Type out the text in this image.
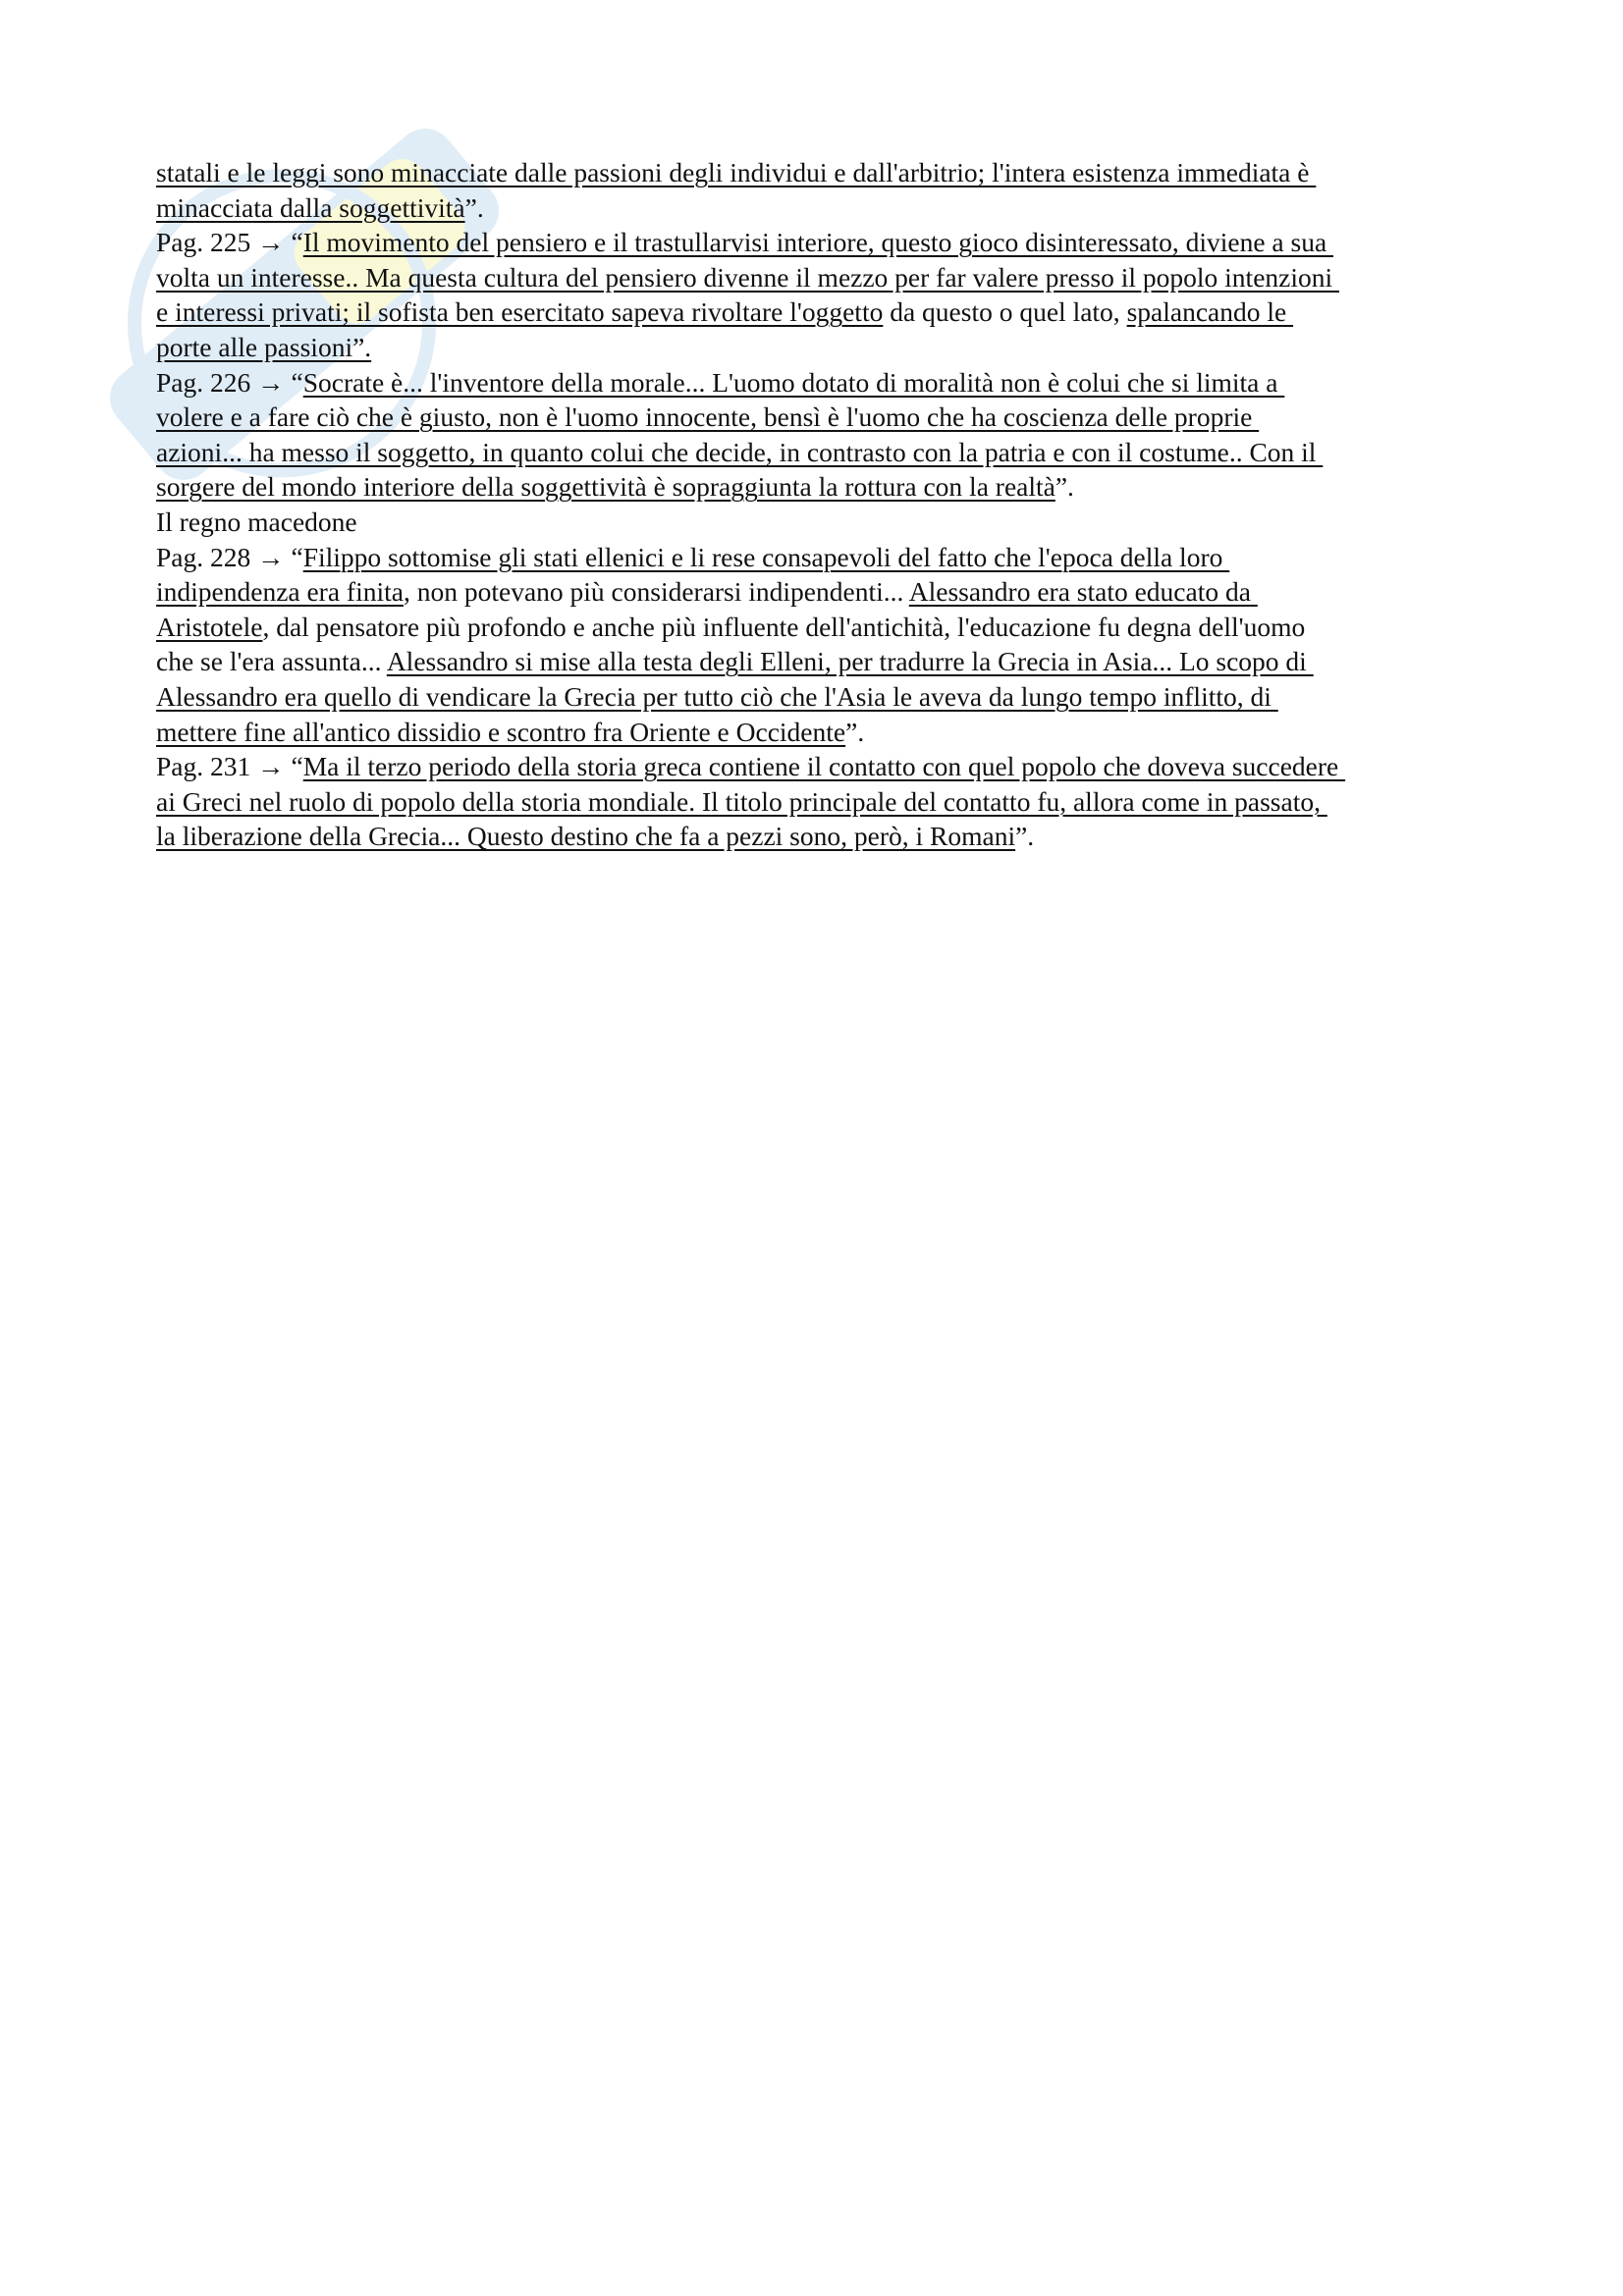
statali e le leggi sono minacciate dalle passioni degli individui e dall'arbitrio; l'intera esistenza immediata è
minacciata dalla soggettività”.
Pag. 225 → “Il movimento del pensiero e il trastullarvisi interiore, questo gioco disinteressato, diviene a sua
volta un interesse.. Ma questa cultura del pensiero divenne il mezzo per far valere presso il popolo intenzioni
e interessi privati; il sofista ben esercitato sapeva rivoltare l'oggetto da questo o quel lato, spalancando le
porte alle passioni”.
Pag. 226 → “Socrate è... l'inventore della morale... L'uomo dotato di moralità non è colui che si limita a
volere e a fare ciò che è giusto, non è l'uomo innocente, bensì è l'uomo che ha coscienza delle proprie
azioni... ha messo il soggetto, in quanto colui che decide, in contrasto con la patria e con il costume.. Con il
sorgere del mondo interiore della soggettività è sopraggiunta la rottura con la realtà”.
Il regno macedone
Pag. 228 → “Filippo sottomise gli stati ellenici e li rese consapevoli del fatto che l'epoca della loro
indipendenza era finita, non potevano più considerarsi indipendenti... Alessandro era stato educato da
Aristotele, dal pensatore più profondo e anche più influente dell'antichità, l'educazione fu degna dell'uomo
che se l'era assunta... Alessandro si mise alla testa degli Elleni, per tradurre la Grecia in Asia... Lo scopo di
Alessandro era quello di vendicare la Grecia per tutto ciò che l'Asia le aveva da lungo tempo inflitto, di
mettere fine all'antico dissidio e scontro fra Oriente e Occidente”.
Pag. 231 → “Ma il terzo periodo della storia greca contiene il contatto con quel popolo che doveva succedere
ai Greci nel ruolo di popolo della storia mondiale. Il titolo principale del contatto fu, allora come in passato,
la liberazione della Grecia... Questo destino che fa a pezzi sono, però, i Romani”.
